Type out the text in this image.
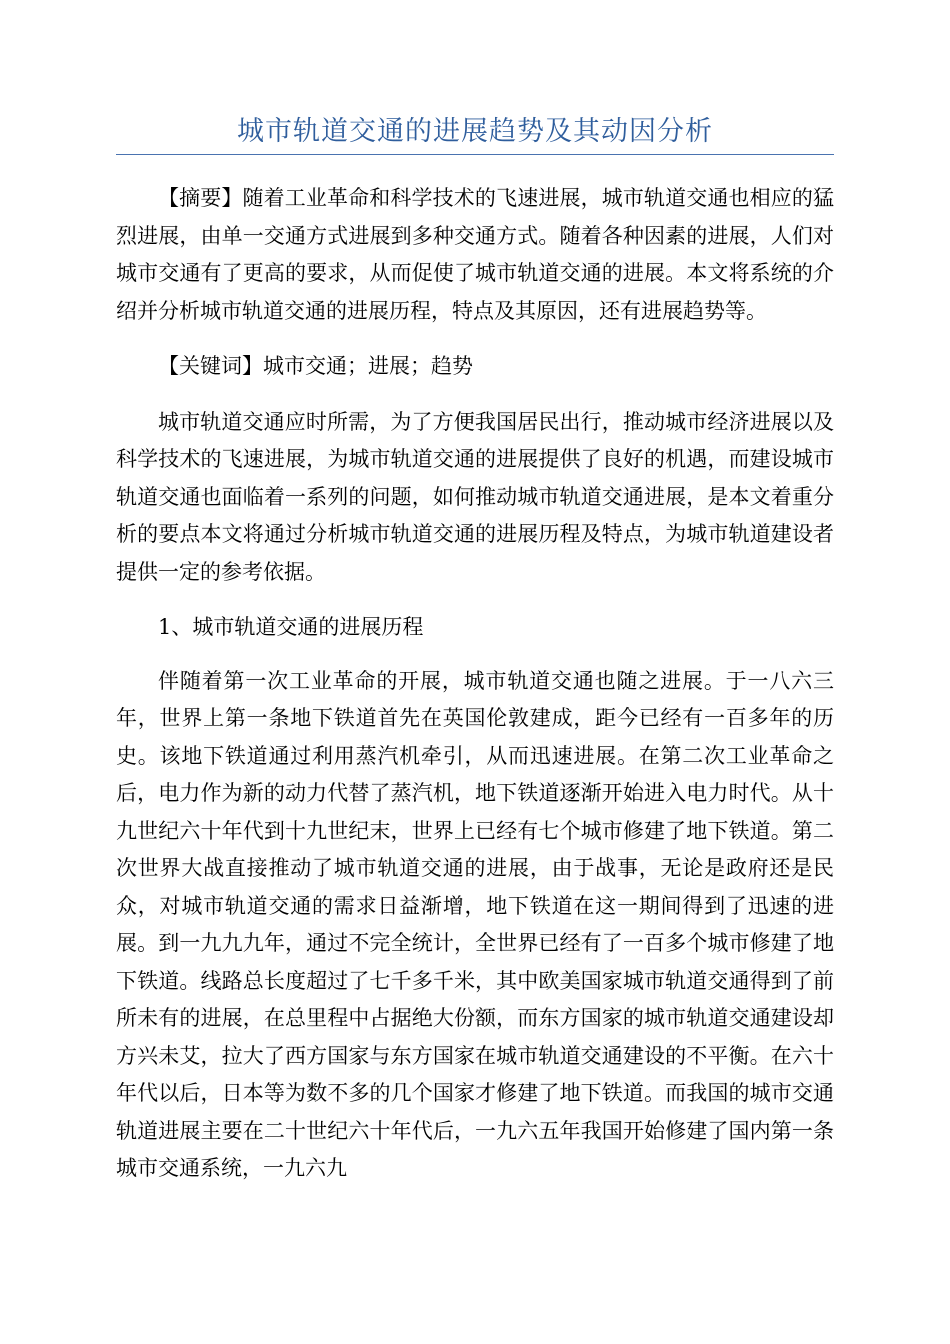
城市轨道交通的进展趋势及其动因分析

【摘要】随着工业革命和科学技术的飞速进展，城市轨道交通也相应的猛烈进展，由单一交通方式进展到多种交通方式。随着各种因素的进展，人们对城市交通有了更高的要求，从而促使了城市轨道交通的进展。本文将系统的介绍并分析城市轨道交通的进展历程，特点及其原因，还有进展趋势等。

【关键词】城市交通；进展；趋势

城市轨道交通应时所需，为了方便我国居民出行，推动城市经济进展以及科学技术的飞速进展，为城市轨道交通的进展提供了良好的机遇，而建设城市轨道交通也面临着一系列的问题，如何推动城市轨道交通进展，是本文着重分析的要点本文将通过分析城市轨道交通的进展历程及特点，为城市轨道建设者提供一定的参考依据。

1、城市轨道交通的进展历程

伴随着第一次工业革命的开展，城市轨道交通也随之进展。于一八六三年，世界上第一条地下铁道首先在英国伦敦建成，距今已经有一百多年的历史。该地下铁道通过利用蒸汽机牵引，从而迅速进展。在第二次工业革命之后，电力作为新的动力代替了蒸汽机，地下铁道逐渐开始进入电力时代。从十九世纪六十年代到十九世纪末，世界上已经有七个城市修建了地下铁道。第二次世界大战直接推动了城市轨道交通的进展，由于战事，无论是政府还是民众，对城市轨道交通的需求日益渐增，地下铁道在这一期间得到了迅速的进展。到一九九九年，通过不完全统计，全世界已经有了一百多个城市修建了地下铁道。线路总长度超过了七千多千米，其中欧美国家城市轨道交通得到了前所未有的进展，在总里程中占据绝大份额，而东方国家的城市轨道交通建设却方兴未艾，拉大了西方国家与东方国家在城市轨道交通建设的不平衡。在六十年代以后，日本等为数不多的几个国家才修建了地下铁道。而我国的城市交通轨道进展主要在二十世纪六十年代后，一九六五年我国开始修建了国内第一条城市交通系统，一九六九
